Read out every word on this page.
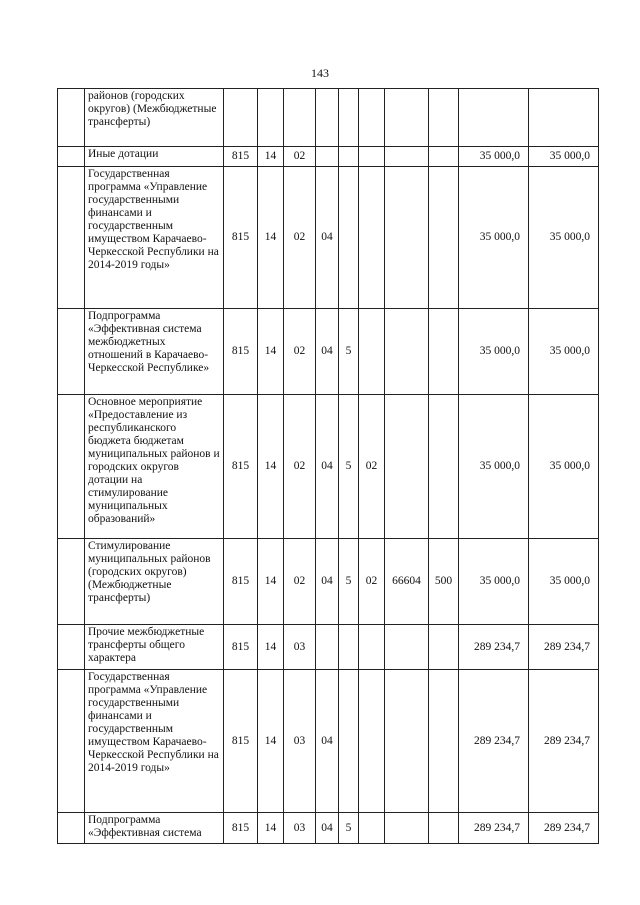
143
	районов (городских округов) (Межбюджетные трансферты)										
	Иные дотации	815	14	02						35 000,0	35 000,0
	Государственная программа «Управление государственными финансами и государственным имуществом Карачаево-Черкесской Республики на 2014-2019 годы»	815	14	02	04					35 000,0	35 000,0
	Подпрограмма «Эффективная система межбюджетных отношений в Карачаево-Черкесской Республике»	815	14	02	04	5				35 000,0	35 000,0
	Основное мероприятие «Предоставление из республиканского бюджета бюджетам муниципальных районов и городских округов дотации на стимулирование муниципальных образований»	815	14	02	04	5	02			35 000,0	35 000,0
	Стимулирование муниципальных районов (городских округов) (Межбюджетные трансферты)	815	14	02	04	5	02	66604	500	35 000,0	35 000,0
	Прочие межбюджетные трансферты общего характера	815	14	03						289 234,7	289 234,7
	Государственная программа «Управление государственными финансами и государственным имуществом Карачаево-Черкесской Республики на 2014-2019 годы»	815	14	03	04					289 234,7	289 234,7
	Подпрограмма «Эффективная система	815	14	03	04	5				289 234,7	289 234,7
